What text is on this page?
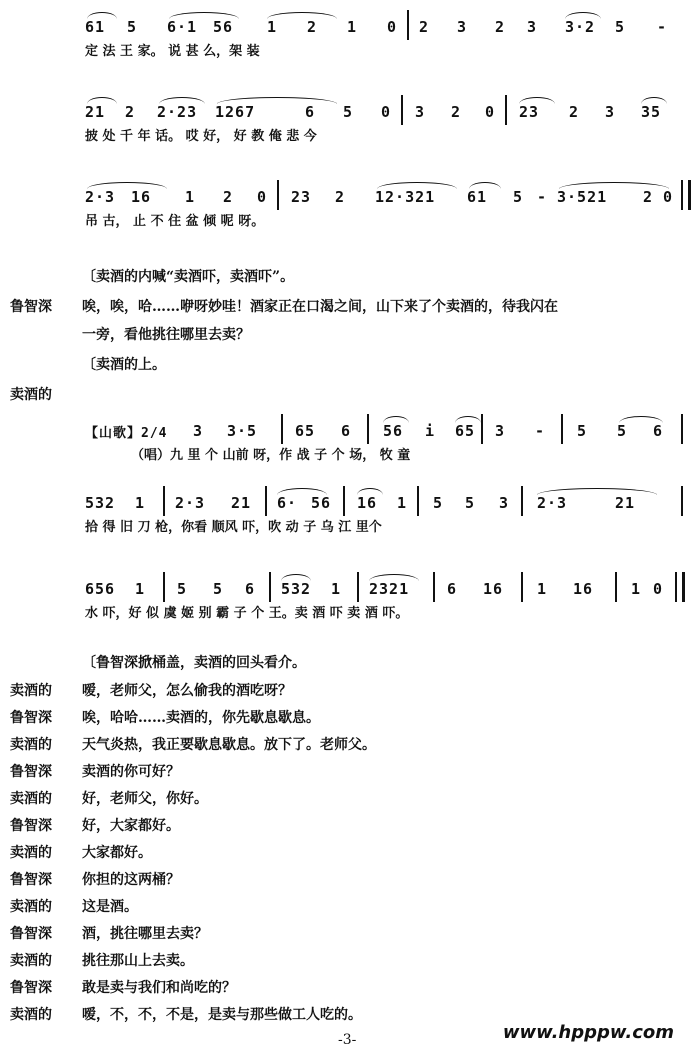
61 5 6·1 56 1 2 1 0 2 3 2 3 3·2 5 -
定 法 王 家。 说 甚 么，架 装
21 2 2·23 1267	6 5 0 3 2 0 23 2 3 35
披 处 千 年 话。 哎 好， 好 教 俺 悲 今
2·3 16 1 2 0 23 2 12·321 61 5 - 3·521 2 0
吊 古， 止 不 住 盆 倾 呢 呀。
〔卖酒的内喊“卖酒吓，卖酒吓”。
鲁智深 唉，唉，哈……咿呀妙哇！酒家正在口渴之间，山下来了个卖酒的，待我闪在
一旁，看他挑往哪里去卖？
〔卖酒的上。
卖酒的
【山歌】2/4 3 3·5	65 6 56 i 65 3 - 5 5 6
（唱）九 里 个 山前 呀，作 战 子 个 场， 牧 童
532 1 2·3 21 6· 56 16 1 5 5 3 2·3	21
拾 得 旧 刀 枪，你看 顺风 吓，吹 动 子 乌 江 里个
656 1 5 5 6 532 1 2321	6 16 1 16	1 0
水 吓，好 似 虞 姬 别 霸 子 个 王。卖 酒 吓 卖 酒 吓。
〔鲁智深掀桶盖，卖酒的回头看介。
卖酒的 嗳，老师父，怎么偷我的酒吃呀？
鲁智深 唉，哈哈……卖酒的，你先歇息歇息。
卖酒的 天气炎热，我正要歇息歇息。放下了。老师父。
鲁智深 卖酒的你可好？
卖酒的 好，老师父，你好。
鲁智深 好，大家都好。
卖酒的 大家都好。
鲁智深 你担的这两桶？
卖酒的 这是酒。
鲁智深 酒，挑往哪里去卖？
卖酒的 挑往那山上去卖。
鲁智深 敢是卖与我们和尚吃的？
卖酒的 嗳，不，不，不是，是卖与那些做工人吃的。
www.hpppw.com
-3-
